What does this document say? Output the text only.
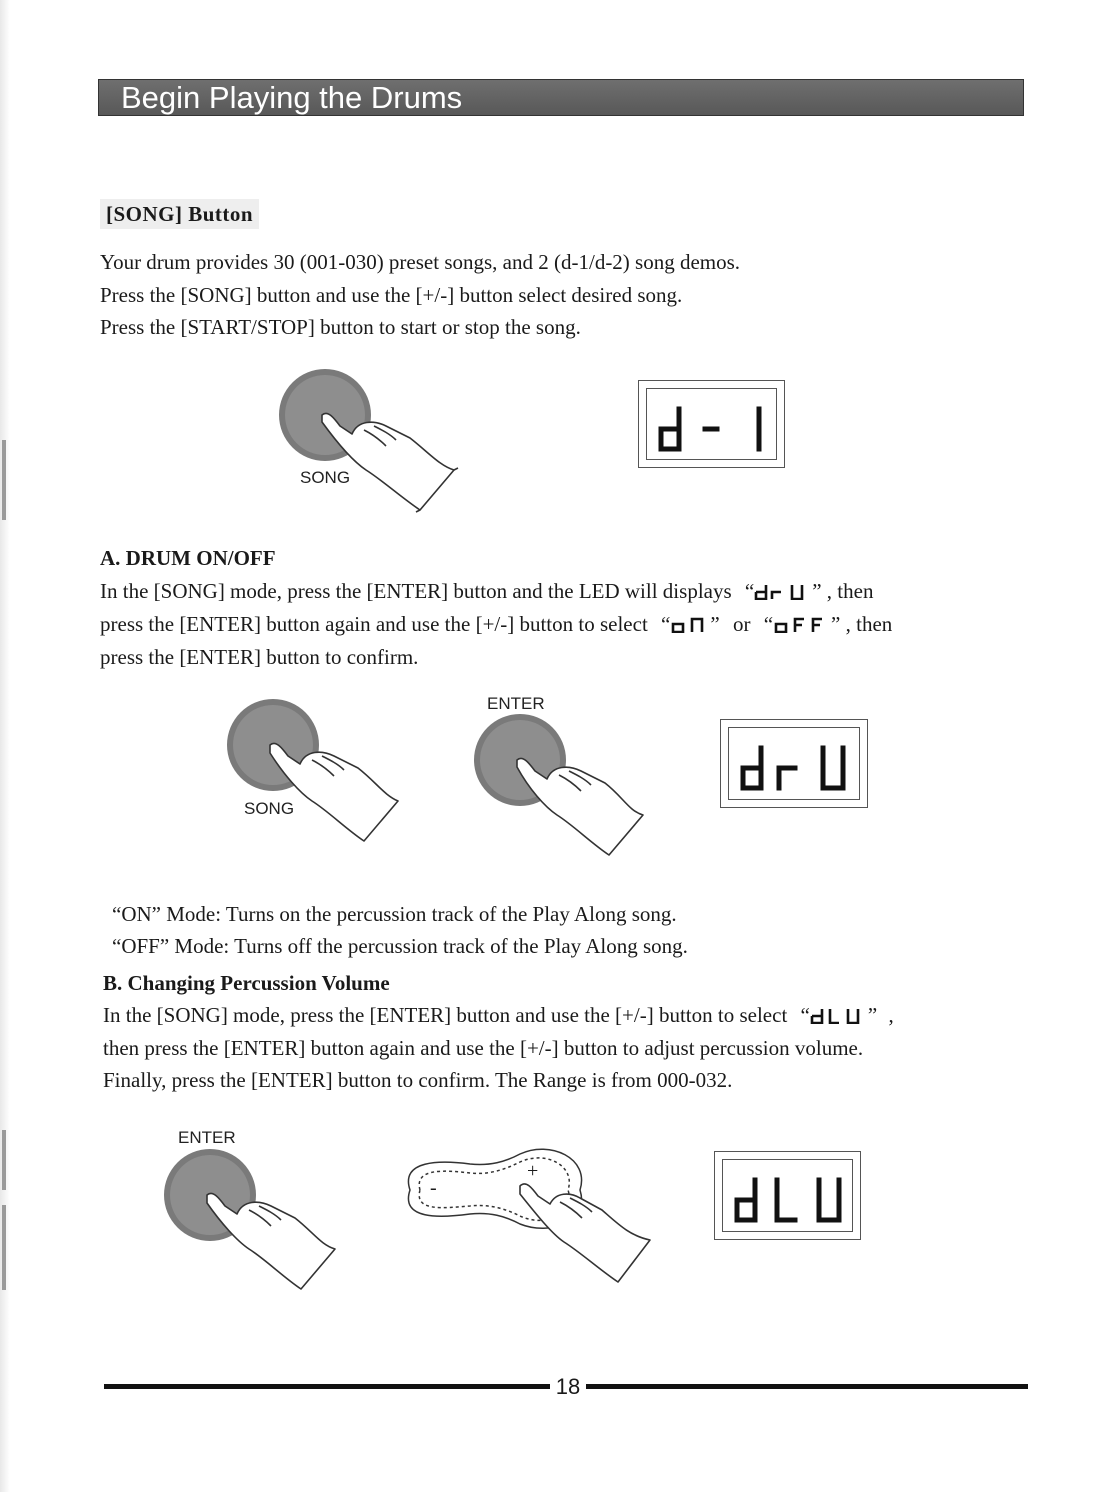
Begin Playing the Drums
[SONG] Button
Your drum provides 30 (001-030) preset songs, and 2 (d-1/d-2) song demos.
Press the [SONG] button and use the [+/-] button select desired song.
Press the [START/STOP] button to start or stop the song.
SONG
A. DRUM ON/OFF
In the [SONG] mode, press the [ENTER] button and the LED will displays “	” , then
press the [ENTER] button again and use the [+/-] button to select “ ” or “	” , then
press the [ENTER] button to confirm.
SONG
ENTER
“ON” Mode: Turns on the percussion track of the Play Along song.
“OFF” Mode: Turns off the percussion track of the Play Along song.
B. Changing Percussion Volume
In the [SONG] mode, press the [ENTER] button and use the [+/-] button to select “	” ,
then press the [ENTER] button again and use the [+/-] button to adjust percussion volume.
Finally, press the [ENTER] button to confirm. The Range is from 000-032.
ENTER
-
+
18
